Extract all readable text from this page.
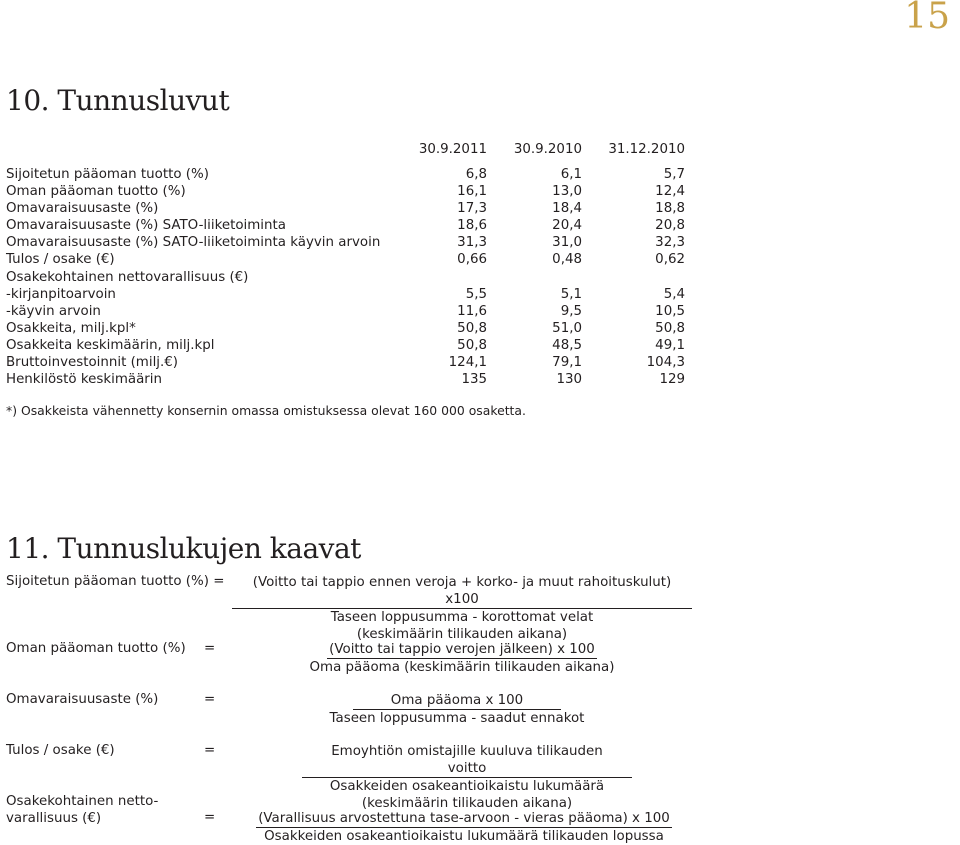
15
10. Tunnusluvut
30.9.2011	30.9.2010	31.12.2010
Sijoitetun pääoman tuotto (%)	6,8	6,1	5,7
Oman pääoman tuotto (%)	16,1	13,0	12,4
Omavaraisuusaste (%)	17,3	18,4	18,8
Omavaraisuusaste (%) SATO-liiketoiminta	18,6	20,4	20,8
Omavaraisuusaste (%) SATO-liiketoiminta käyvin arvoin	31,3	31,0	32,3
Tulos / osake (€)	0,66	0,48	0,62
Osakekohtainen nettovarallisuus (€)
-kirjanpitoarvoin	5,5	5,1	5,4
-käyvin arvoin	11,6	9,5	10,5
Osakkeita, milj.kpl*	50,8	51,0	50,8
Osakkeita keskimäärin, milj.kpl	50,8	48,5	49,1
Bruttoinvestoinnit (milj.€)	124,1	79,1	104,3
Henkilöstö keskimäärin	135	130	129
*) Osakkeista vähennetty konsernin omassa omistuksessa olevat 160 000 osaketta.
11. Tunnuslukujen kaavat
Sijoitetun pääoman tuotto (%) =	(Voitto tai tappio ennen veroja + korko- ja muut rahoituskulut) x100
Taseen loppusumma - korottomat velat
(keskimäärin tilikauden aikana)
Oman pääoman tuotto (%) =	(Voitto tai tappio verojen jälkeen) x 100
Oma pääoma (keskimäärin tilikauden aikana)
Omavaraisuusaste (%)	=	Oma pääoma x 100
Taseen loppusumma - saadut ennakot
Tulos / osake (€)	=	Emoyhtiön omistajille kuuluva tilikauden voitto
Osakkeiden osakeantioikaistu lukumäärä
(keskimäärin tilikauden aikana)
Osakekohtainen netto-
varallisuus (€)	=	(Varallisuus arvostettuna tase-arvoon - vieras pääoma) x 100
Osakkeiden osakeantioikaistu lukumäärä tilikauden lopussa
